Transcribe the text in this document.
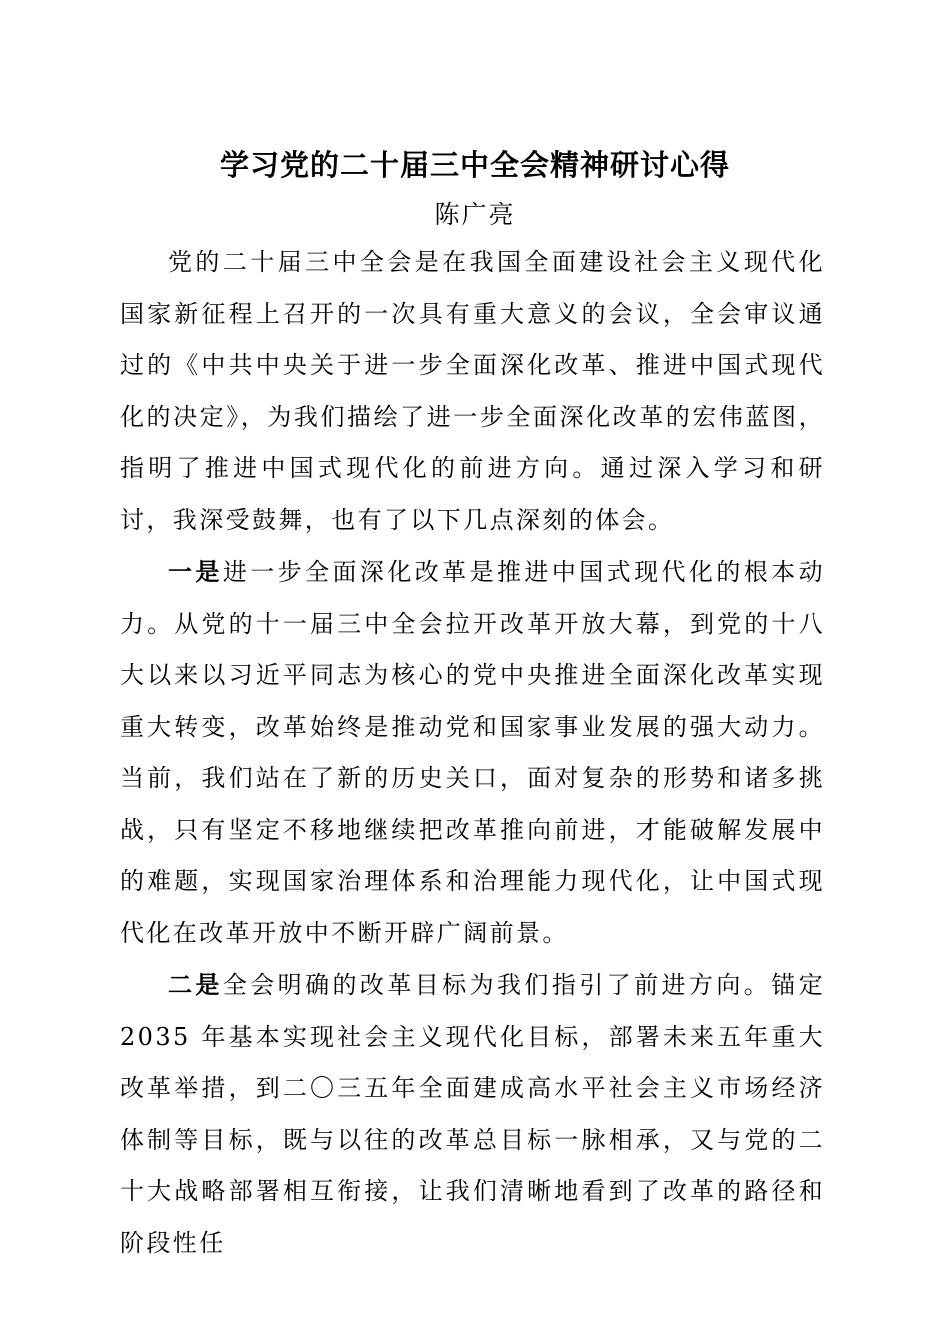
学习党的二十届三中全会精神研讨心得
陈广亮

党的二十届三中全会是在我国全面建设社会主义现代化国家新征程上召开的一次具有重大意义的会议，全会审议通过的《中共中央关于进一步全面深化改革、推进中国式现代化的决定》，为我们描绘了进一步全面深化改革的宏伟蓝图，指明了推进中国式现代化的前进方向。通过深入学习和研讨，我深受鼓舞，也有了以下几点深刻的体会。

一是进一步全面深化改革是推进中国式现代化的根本动力。从党的十一届三中全会拉开改革开放大幕，到党的十八大以来以习近平同志为核心的党中央推进全面深化改革实现重大转变，改革始终是推动党和国家事业发展的强大动力。当前，我们站在了新的历史关口，面对复杂的形势和诸多挑战，只有坚定不移地继续把改革推向前进，才能破解发展中的难题，实现国家治理体系和治理能力现代化，让中国式现代化在改革开放中不断开辟广阔前景。

二是全会明确的改革目标为我们指引了前进方向。锚定2035 年基本实现社会主义现代化目标，部署未来五年重大改革举措，到二〇三五年全面建成高水平社会主义市场经济体制等目标，既与以往的改革总目标一脉相承，又与党的二十大战略部署相互衔接，让我们清晰地看到了改革的路径和阶段性任
